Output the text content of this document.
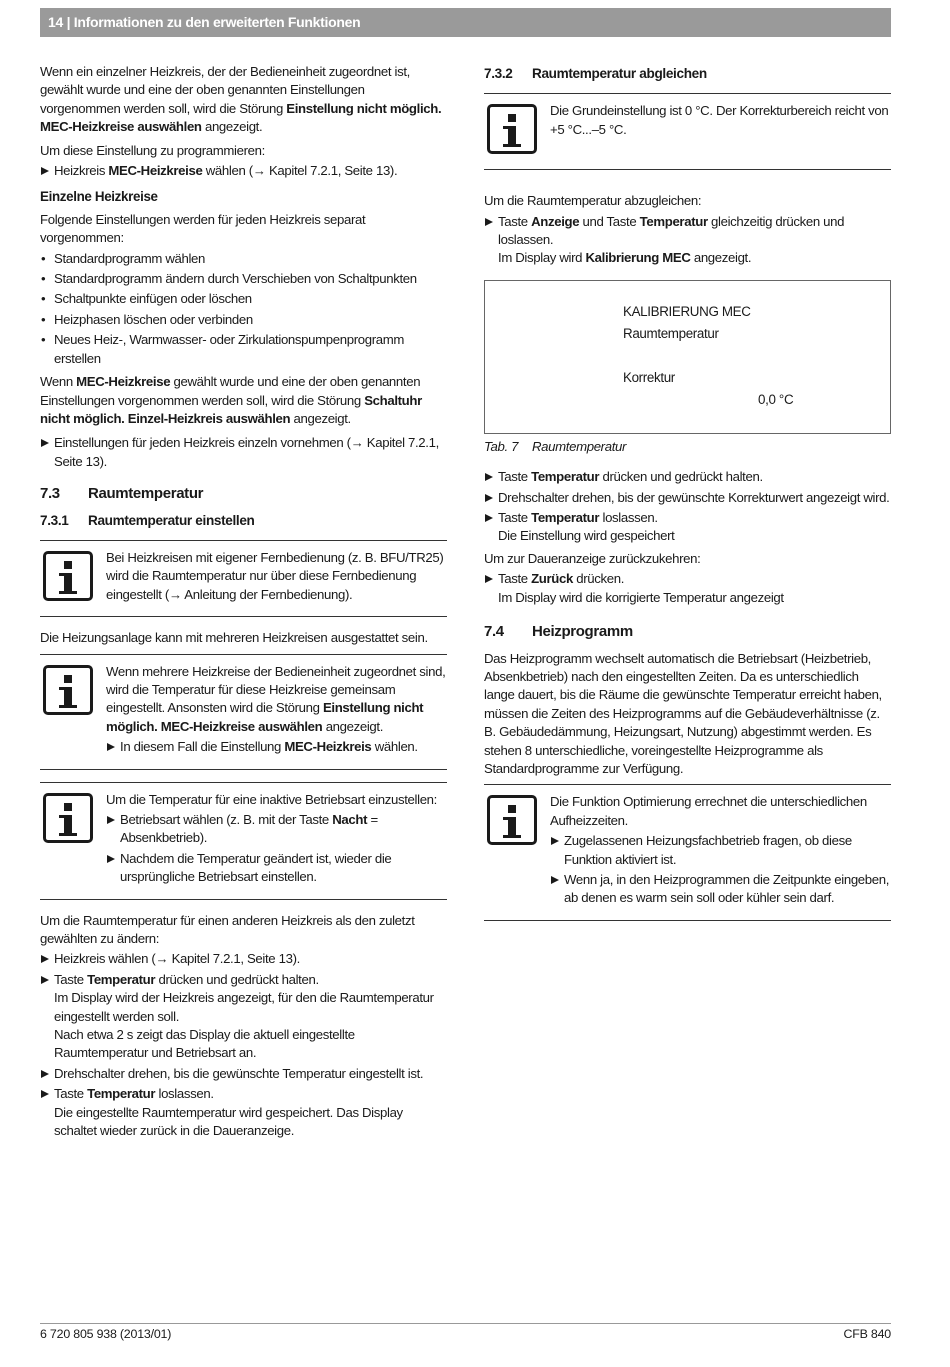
14 | Informationen zu den erweiterten Funktionen

Wenn ein einzelner Heizkreis, der der Bedieneinheit zugeordnet ist, gewählt wurde und eine der oben genannten Einstellungen vorgenommen werden soll, wird die Störung Einstellung nicht möglich. MEC-Heizkreise auswählen angezeigt.

Um diese Einstellung zu programmieren:

Heizkreis MEC-Heizkreise wählen (→ Kapitel 7.2.1, Seite 13).
Einzelne Heizkreise

Folgende Einstellungen werden für jeden Heizkreis separat vorgenommen:

• Standardprogramm wählen
• Standardprogramm ändern durch Verschieben von Schaltpunkten
• Schaltpunkte einfügen oder löschen
• Heizphasen löschen oder verbinden
• Neues Heiz-, Warmwasser- oder Zirkulationspumpenprogramm erstellen

Wenn MEC-Heizkreise gewählt wurde und eine der oben genannten Einstellungen vorgenommen werden soll, wird die Störung Schaltuhr nicht möglich. Einzel-Heizkreis auswählen angezeigt.

Einstellungen für jeden Heizkreis einzeln vornehmen (→ Kapitel 7.2.1, Seite 13).
7.3 Raumtemperatur
7.3.1 Raumtemperatur einstellen

Bei Heizkreisen mit eigener Fernbedienung (z. B. BFU/TR25) wird die Raumtemperatur nur über diese Fernbedienung eingestellt (→ Anleitung der Fernbedienung).

Die Heizungsanlage kann mit mehreren Heizkreisen ausgestattet sein.

Wenn mehrere Heizkreise der Bedieneinheit zugeordnet sind, wird die Temperatur für diese Heizkreise gemeinsam eingestellt. Ansonsten wird die Störung Einstellung nicht möglich. MEC-Heizkreise auswählen angezeigt.

In diesem Fall die Einstellung MEC-Heizkreis wählen.

Um die Temperatur für eine inaktive Betriebsart einzustellen:

Betriebsart wählen (z. B. mit der Taste Nacht = Absenkbetrieb).
Nachdem die Temperatur geändert ist, wieder die ursprüngliche Betriebsart einstellen.

Um die Raumtemperatur für einen anderen Heizkreis als den zuletzt gewählten zu ändern:

Heizkreis wählen (→ Kapitel 7.2.1, Seite 13).
Taste Temperatur drücken und gedrückt halten.
Im Display wird der Heizkreis angezeigt, für den die Raumtemperatur eingestellt werden soll.
Nach etwa 2 s zeigt das Display die aktuell eingestellte Raumtemperatur und Betriebsart an.
Drehschalter drehen, bis die gewünschte Temperatur eingestellt ist.
Taste Temperatur loslassen.
Die eingestellte Raumtemperatur wird gespeichert. Das Display schaltet wieder zurück in die Daueranzeige.
7.3.2 Raumtemperatur abgleichen

Die Grundeinstellung ist 0 °C. Der Korrekturbereich reicht von +5 °C...–5 °C.

Um die Raumtemperatur abzugleichen:

Taste Anzeige und Taste Temperatur gleichzeitig drücken und loslassen.
Im Display wird Kalibrierung MEC angezeigt.
KALIBRIERUNG MEC
Raumtemperatur
Korrektur
0,0 °C

Tab. 7 Raumtemperatur

Taste Temperatur drücken und gedrückt halten.
Drehschalter drehen, bis der gewünschte Korrekturwert angezeigt wird.
Taste Temperatur loslassen.
Die Einstellung wird gespeichert

Um zur Daueranzeige zurückzukehren:

Taste Zurück drücken.
Im Display wird die korrigierte Temperatur angezeigt
7.4 Heizprogramm

Das Heizprogramm wechselt automatisch die Betriebsart (Heizbetrieb, Absenkbetrieb) nach den eingestellten Zeiten. Da es unterschiedlich lange dauert, bis die Räume die gewünschte Temperatur erreicht haben, müssen die Zeiten des Heizprogramms auf die Gebäudeverhältnisse (z. B. Gebäudedämmung, Heizungsart, Nutzung) abgestimmt werden. Es stehen 8 unterschiedliche, voreingestellte Heizprogramme als Standardprogramme zur Verfügung.

Die Funktion Optimierung errechnet die unterschiedlichen Aufheizzeiten.

Zugelassenen Heizungsfachbetrieb fragen, ob diese Funktion aktiviert ist.
Wenn ja, in den Heizprogrammen die Zeitpunkte eingeben, ab denen es warm sein soll oder kühler sein darf.
6 720 805 938 (2013/01)	CFB 840
